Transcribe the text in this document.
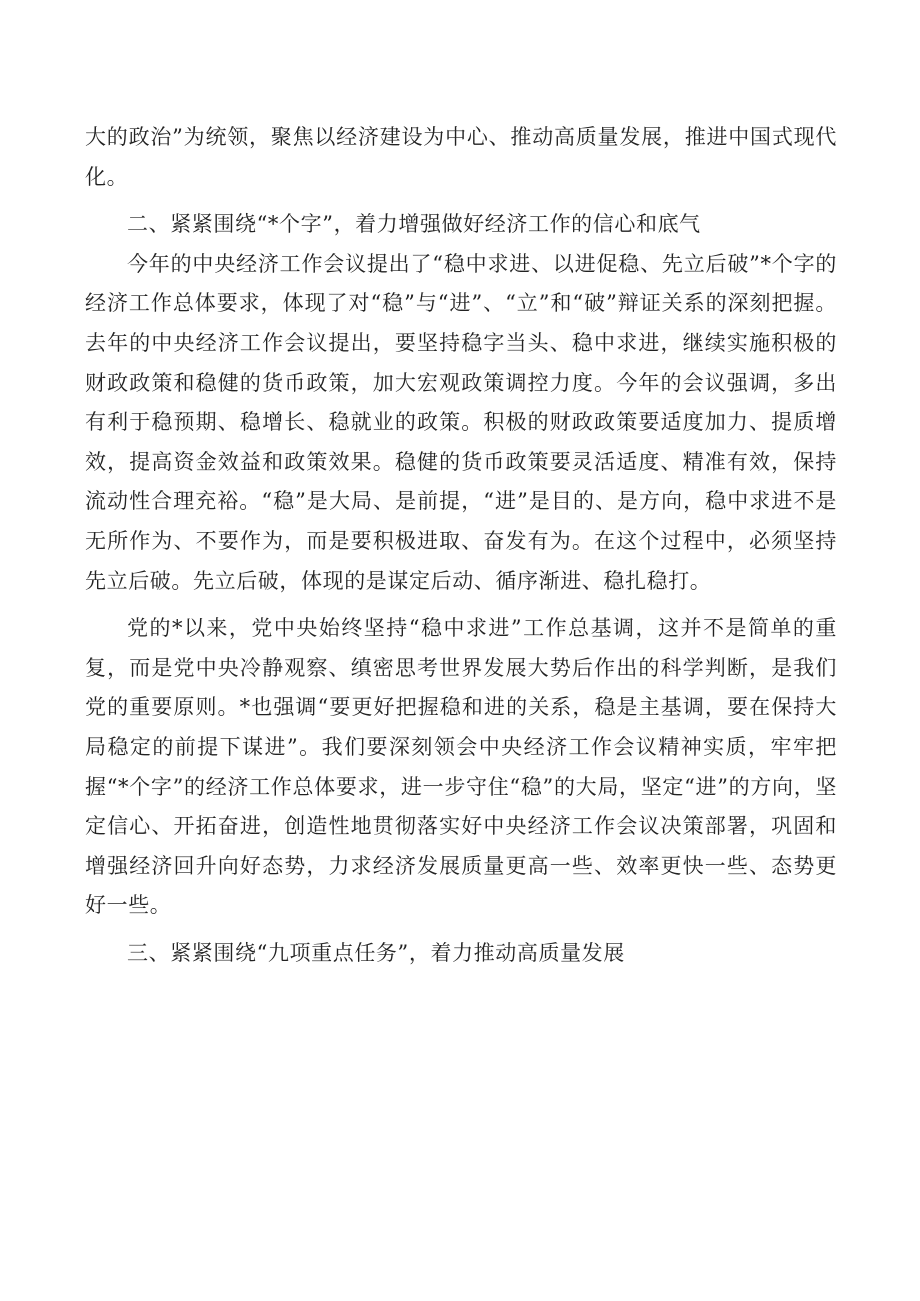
大的政治”为统领，聚焦以经济建设为中心、推动高质量发展，推进中国式现代化。

二、紧紧围绕“*个字”，着力增强做好经济工作的信心和底气

今年的中央经济工作会议提出了“稳中求进、以进促稳、先立后破”*个字的经济工作总体要求，体现了对“稳”与“进”、“立”和“破”辩证关系的深刻把握。去年的中央经济工作会议提出，要坚持稳字当头、稳中求进，继续实施积极的财政政策和稳健的货币政策，加大宏观政策调控力度。今年的会议强调，多出有利于稳预期、稳增长、稳就业的政策。积极的财政政策要适度加力、提质增效，提高资金效益和政策效果。稳健的货币政策要灵活适度、精准有效，保持流动性合理充裕。“稳”是大局、是前提，“进”是目的、是方向，稳中求进不是无所作为、不要作为，而是要积极进取、奋发有为。在这个过程中，必须坚持先立后破。先立后破，体现的是谋定后动、循序渐进、稳扎稳打。

党的*以来，党中央始终坚持“稳中求进”工作总基调，这并不是简单的重复，而是党中央冷静观察、缜密思考世界发展大势后作出的科学判断，是我们党的重要原则。*也强调“要更好把握稳和进的关系，稳是主基调，要在保持大局稳定的前提下谋进”。我们要深刻领会中央经济工作会议精神实质，牢牢把握“*个字”的经济工作总体要求，进一步守住“稳”的大局，坚定“进”的方向，坚定信心、开拓奋进，创造性地贯彻落实好中央经济工作会议决策部署，巩固和增强经济回升向好态势，力求经济发展质量更高一些、效率更快一些、态势更好一些。

三、紧紧围绕“九项重点任务”，着力推动高质量发展
